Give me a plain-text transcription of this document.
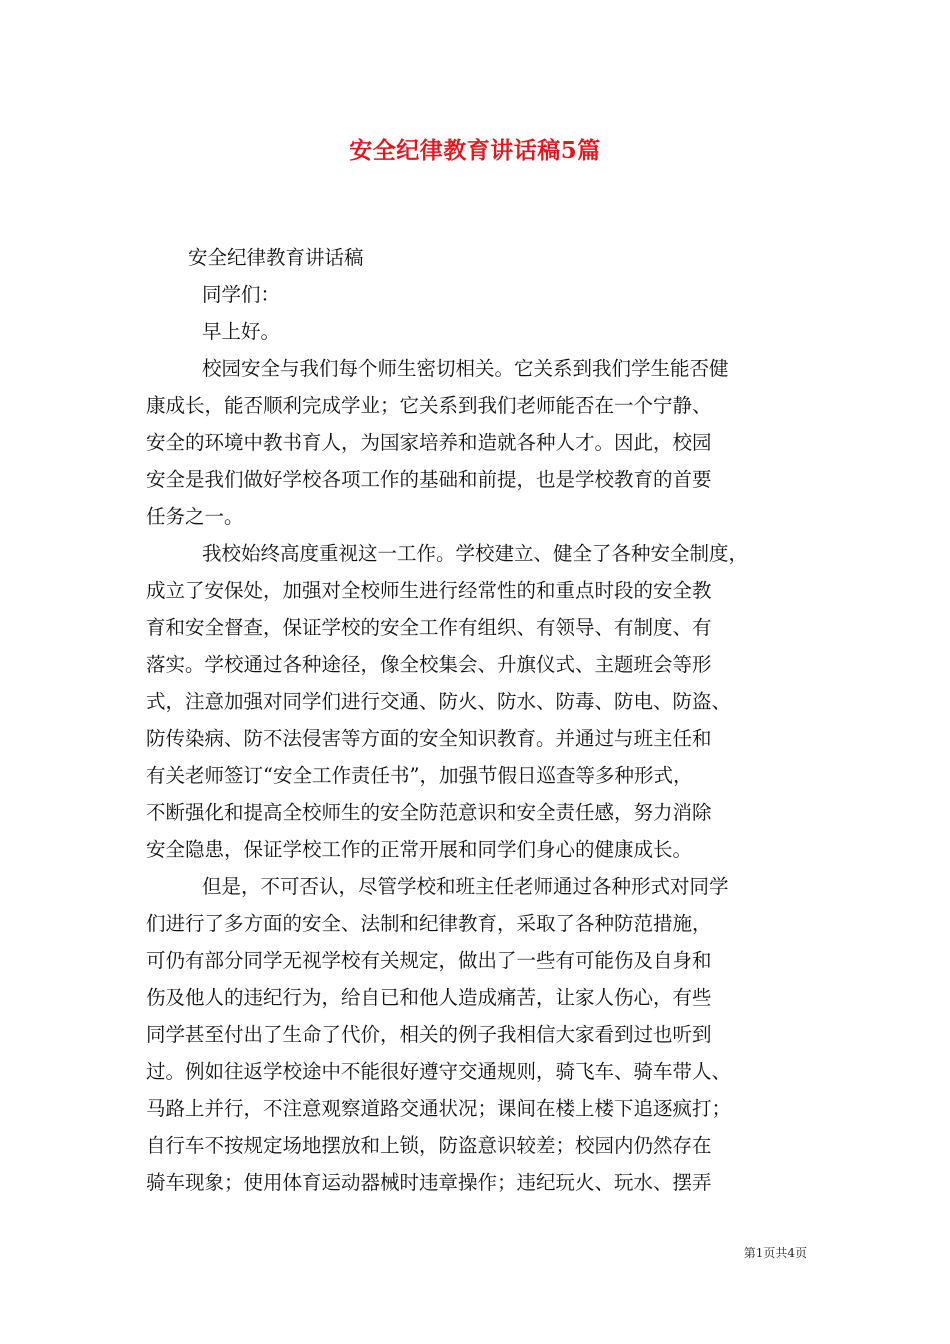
安全纪律教育讲话稿5篇
安全纪律教育讲话稿
同学们：
早上好。
校园安全与我们每个师生密切相关。它关系到我们学生能否健
康成长，能否顺利完成学业；它关系到我们老师能否在一个宁静、
安全的环境中教书育人，为国家培养和造就各种人才。因此，校园
安全是我们做好学校各项工作的基础和前提，也是学校教育的首要
任务之一。
我校始终高度重视这一工作。学校建立、健全了各种安全制度，
成立了安保处，加强对全校师生进行经常性的和重点时段的安全教
育和安全督查，保证学校的安全工作有组织、有领导、有制度、有
落实。学校通过各种途径，像全校集会、升旗仪式、主题班会等形
式，注意加强对同学们进行交通、防火、防水、防毒、防电、防盗、
防传染病、防不法侵害等方面的安全知识教育。并通过与班主任和
有关老师签订“安全工作责任书”，加强节假日巡查等多种形式，
不断强化和提高全校师生的安全防范意识和安全责任感，努力消除
安全隐患，保证学校工作的正常开展和同学们身心的健康成长。
但是，不可否认，尽管学校和班主任老师通过各种形式对同学
们进行了多方面的安全、法制和纪律教育，采取了各种防范措施，
可仍有部分同学无视学校有关规定，做出了一些有可能伤及自身和
伤及他人的违纪行为，给自已和他人造成痛苦，让家人伤心，有些
同学甚至付出了生命了代价，相关的例子我相信大家看到过也听到
过。例如往返学校途中不能很好遵守交通规则，骑飞车、骑车带人、
马路上并行，不注意观察道路交通状况；课间在楼上楼下追逐疯打；
自行车不按规定场地摆放和上锁，防盗意识较差；校园内仍然存在
骑车现象；使用体育运动器械时违章操作；违纪玩火、玩水、摆弄
第1页共4页
